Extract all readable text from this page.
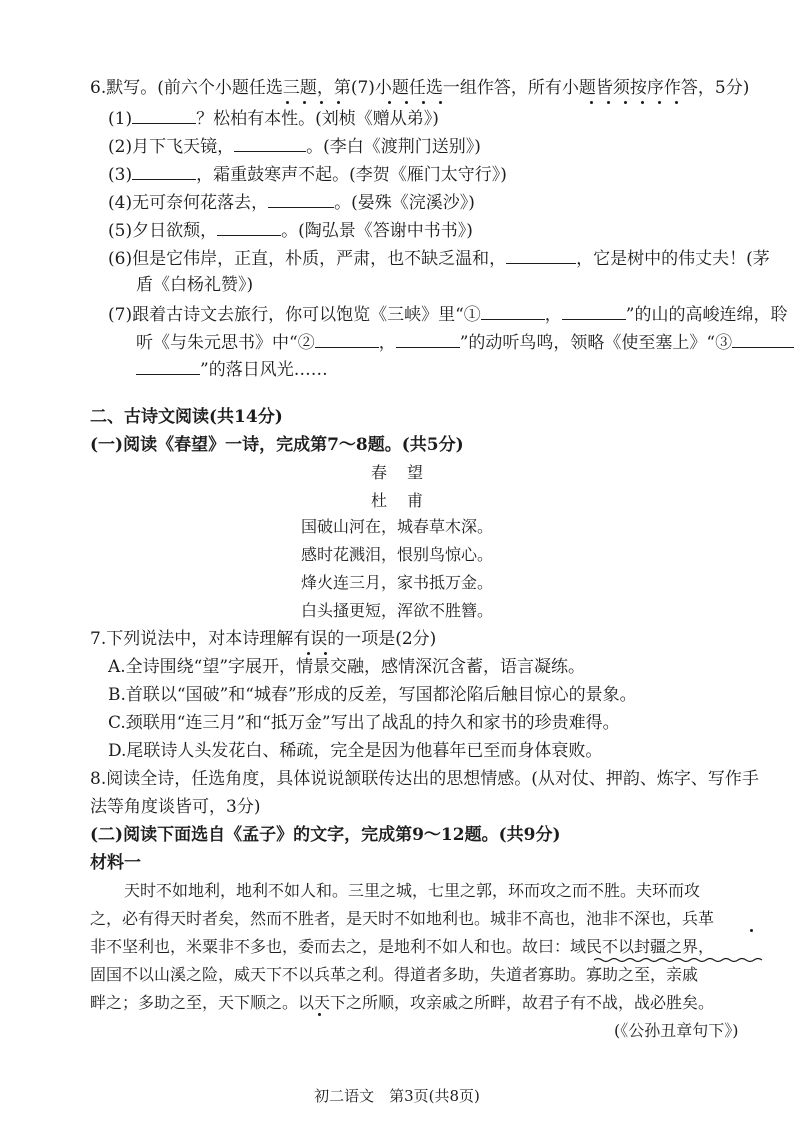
6.默写。(前六个小题任选三题，第(7)小题任选一组作答，所有小题皆须按序作答，5分)
(1)	？松柏有本性。(刘桢《赠从弟》)
(2)月下飞天镜，	。(李白《渡荆门送别》)
(3)	，霜重鼓寒声不起。(李贺《雁门太守行》)
(4)无可奈何花落去，	。(晏殊《浣溪沙》)
(5)夕日欲颓，	。(陶弘景《答谢中书书》)
(6)但是它伟岸，正直，朴质，严肃，也不缺乏温和，	，它是树中的伟丈夫！(茅
盾《白杨礼赞》)
(7)跟着古诗文去旅行，你可以饱览《三峡》里“①	，	”的山的高峻连绵，聆
听《与朱元思书》中“②	，	”的动听鸟鸣，领略《使至塞上》“③
”的落日风光……
二、古诗文阅读(共14分)
(一)阅读《春望》一诗，完成第7～8题。(共5分)
春望
杜甫
国破山河在，城春草木深。
感时花溅泪，恨别鸟惊心。
烽火连三月，家书抵万金。
白头搔更短，浑欲不胜簪。
7.下列说法中，对本诗理解有误的一项是(2分)
A.全诗围绕“望”字展开，情景交融，感情深沉含蓄，语言凝练。
B.首联以“国破”和“城春”形成的反差，写国都沦陷后触目惊心的景象。
C.颈联用“连三月”和“抵万金”写出了战乱的持久和家书的珍贵难得。
D.尾联诗人头发花白、稀疏，完全是因为他暮年已至而身体衰败。
8.阅读全诗，任选角度，具体说说颔联传达出的思想情感。(从对仗、押韵、炼字、写作手
法等角度谈皆可，3分)
(二)阅读下面选自《孟子》的文字，完成第9～12题。(共9分)
材料一
天时不如地利，地利不如人和。三里之城，七里之郭，环而攻之而不胜。夫环而攻
之，必有得天时者矣，然而不胜者，是天时不如地利也。城非不高也，池非不深也，兵革
非不坚利也，米粟非不多也，委而去之，是地利不如人和也。故曰：域民不以封疆之界，
固国不以山溪之险，威天下不以兵革之利。得道者多助，失道者寡助。寡助之至，亲戚
畔之；多助之至，天下顺之。以天下之所顺，攻亲戚之所畔，故君子有不战，战必胜矣。
(《公孙丑章句下》)
初二语文　第3页(共8页)
